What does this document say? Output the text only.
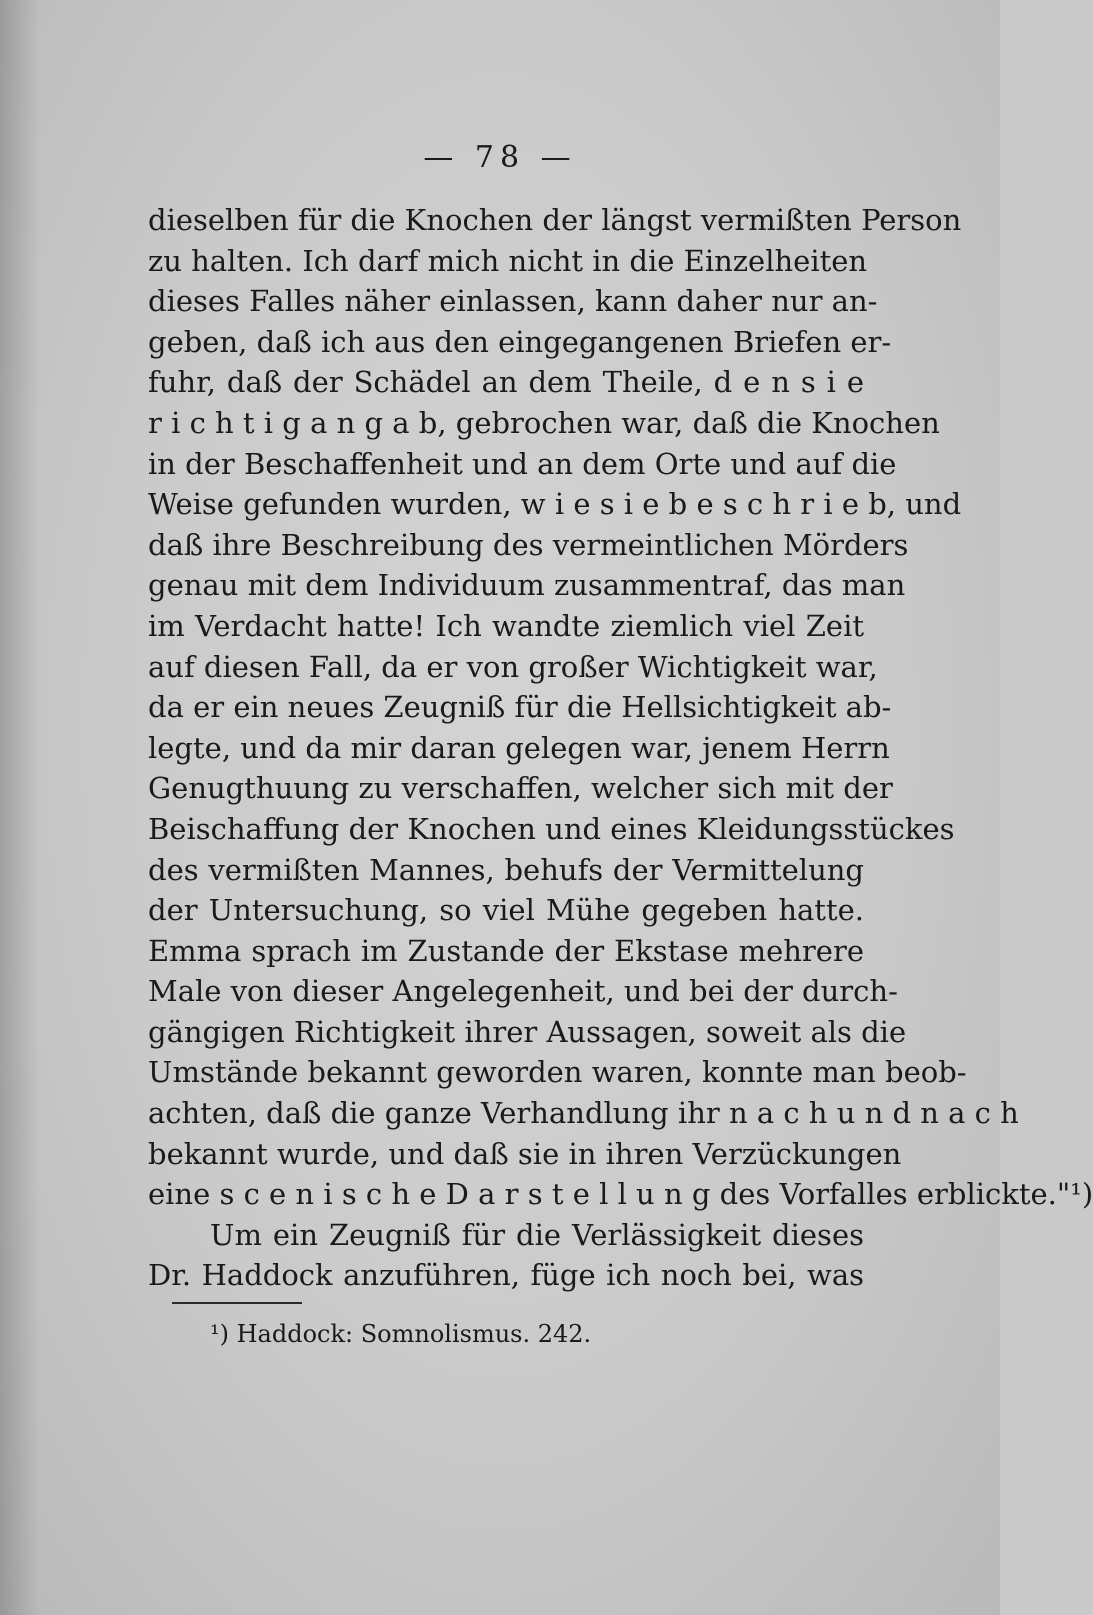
— 78 —
dieselben für die Knochen der längst vermißten Person
zu halten. Ich darf mich nicht in die Einzelheiten
dieses Falles näher einlassen, kann daher nur an-
geben, daß ich aus den eingegangenen Briefen er-
fuhr, daß der Schädel an dem Theile, d e n s i e
r i c h t i g a n g a b, gebrochen war, daß die Knochen
in der Beschaffenheit und an dem Orte und auf die
Weise gefunden wurden, w i e s i e b e s c h r i e b, und
daß ihre Beschreibung des vermeintlichen Mörders
genau mit dem Individuum zusammentraf, das man
im Verdacht hatte! Ich wandte ziemlich viel Zeit
auf diesen Fall, da er von großer Wichtigkeit war,
da er ein neues Zeugniß für die Hellsichtigkeit ab-
legte, und da mir daran gelegen war, jenem Herrn
Genugthuung zu verschaffen, welcher sich mit der
Beischaffung der Knochen und eines Kleidungsstückes
des vermißten Mannes, behufs der Vermittelung
der Untersuchung, so viel Mühe gegeben hatte.
Emma sprach im Zustande der Ekstase mehrere
Male von dieser Angelegenheit, und bei der durch-
gängigen Richtigkeit ihrer Aussagen, soweit als die
Umstände bekannt geworden waren, konnte man beob-
achten, daß die ganze Verhandlung ihr n a c h u n d n a c h
bekannt wurde, und daß sie in ihren Verzückungen
eine s c e n i s c h e D a r s t e l l u n g des Vorfalles erblickte."¹)
Um ein Zeugniß für die Verlässigkeit dieses
Dr. Haddock anzuführen, füge ich noch bei, was
¹) Haddock: Somnolismus. 242.
